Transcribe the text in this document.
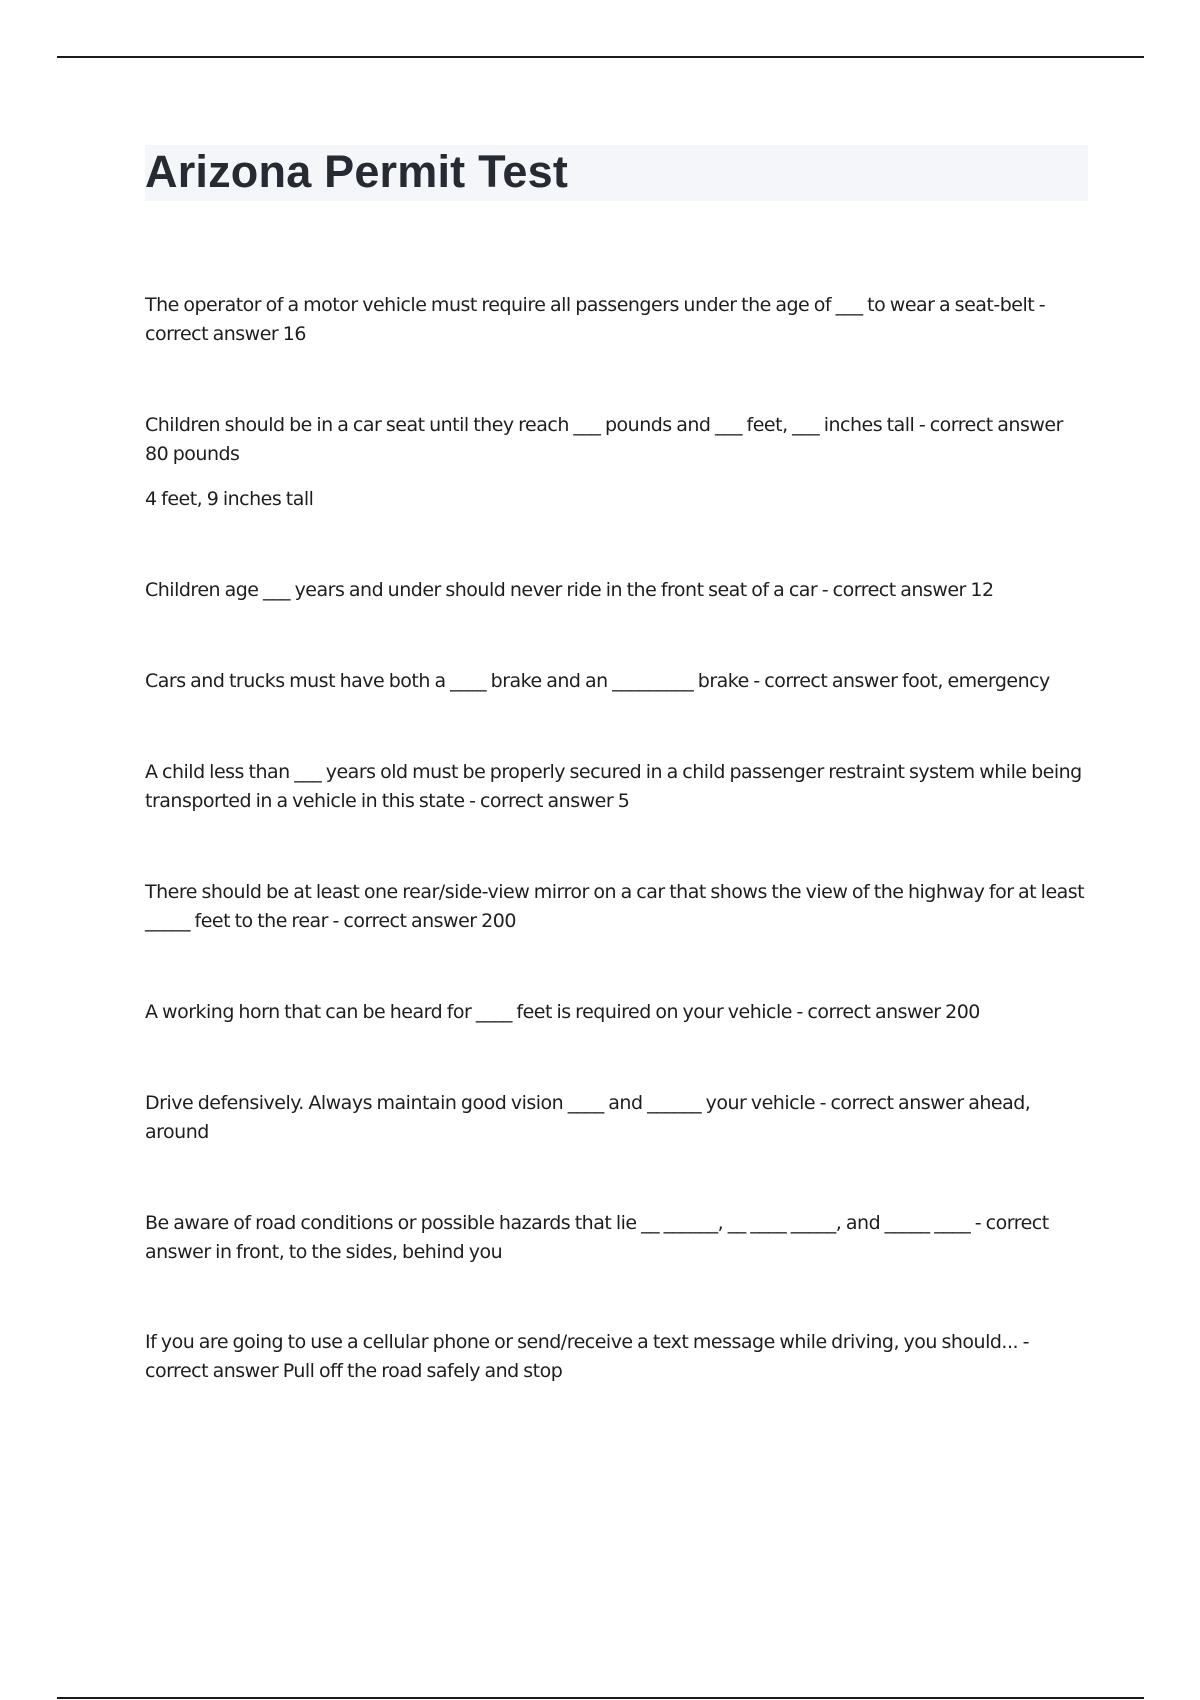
Arizona Permit Test

The operator of a motor vehicle must require all passengers under the age of ___ to wear a seat-belt - correct answer 16

Children should be in a car seat until they reach ___ pounds and ___ feet, ___ inches tall - correct answer 80 pounds

4 feet, 9 inches tall

Children age ___ years and under should never ride in the front seat of a car - correct answer 12

Cars and trucks must have both a ____ brake and an _________ brake - correct answer foot, emergency

A child less than ___ years old must be properly secured in a child passenger restraint system while being transported in a vehicle in this state - correct answer 5

There should be at least one rear/side-view mirror on a car that shows the view of the highway for at least _____ feet to the rear - correct answer 200

A working horn that can be heard for ____ feet is required on your vehicle - correct answer 200

Drive defensively. Always maintain good vision ____ and ______ your vehicle - correct answer ahead, around

Be aware of road conditions or possible hazards that lie __ ______, __ ____ _____, and _____ ____ - correct answer in front, to the sides, behind you

If you are going to use a cellular phone or send/receive a text message while driving, you should... - correct answer Pull off the road safely and stop
